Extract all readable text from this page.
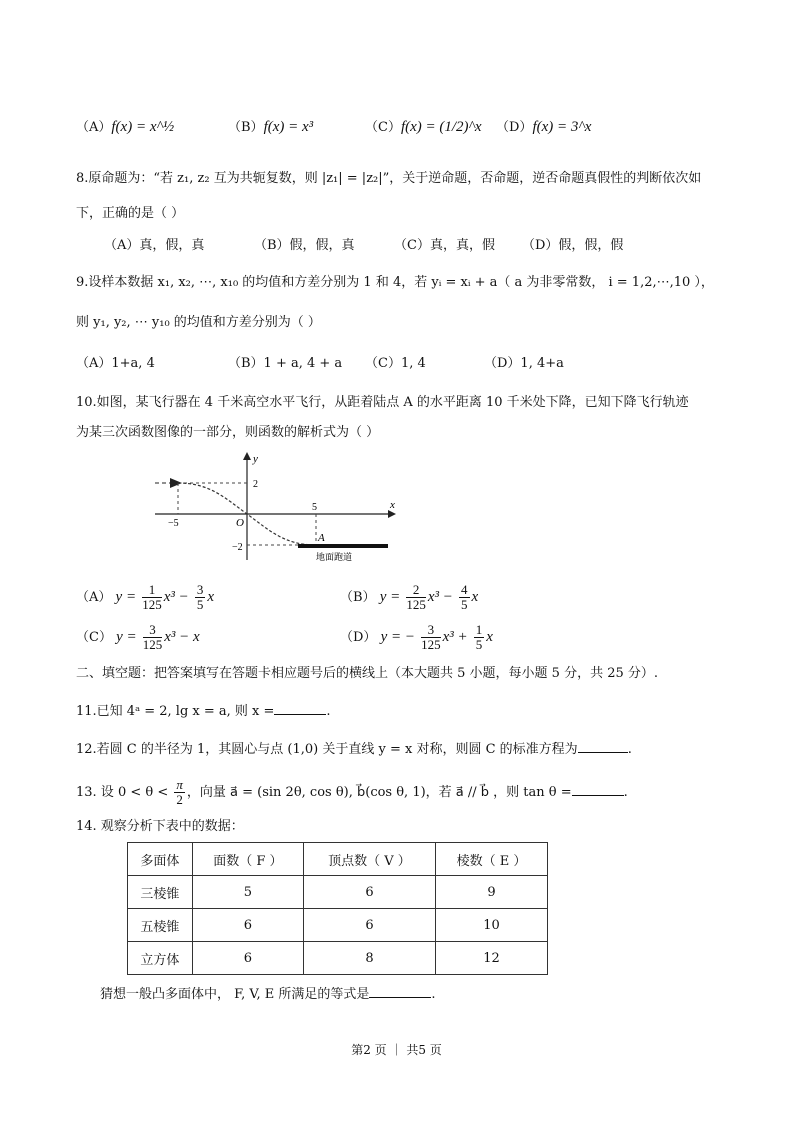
（A）f(x) = x^½	（B）f(x) = x³	（C）f(x) = (1/2)^x （D）f(x) = 3^x
8.原命题为：“若 z₁, z₂ 互为共轭复数，则 |z₁| = |z₂|”，关于逆命题，否命题，逆否命题真假性的判断依次如
下，正确的是（ ）
（A）真，假，真	（B）假，假，真	（C）真，真，假 （D）假，假，假
9.设样本数据 x₁, x₂, ⋯, x₁₀ 的均值和方差分别为 1 和 4，若 yᵢ = xᵢ + a（ a 为非零常数， i = 1,2,⋯,10 ），
则 y₁, y₂, ⋯ y₁₀ 的均值和方差分别为（ ）
（A）1+a, 4	（B）1 + a, 4 + a （C）1, 4	（D）1, 4+a
10.如图，某飞行器在 4 千米高空水平飞行，从距着陆点 A 的水平距离 10 千米处下降，已知下降飞行轨迹
为某三次函数图像的一部分，则函数的解析式为（ ）
y
x
O
2
−2
−5
5
A
地面跑道
（A） $y = \frac{1}{125} x^3 - \frac{3}{5}$ x	（B） $y = \frac{2}{125} x^3 - \frac{4}{5}$ x
（C） $y = \frac{3}{125} x^3 - x$	（D） y = − $\frac{3}{125} x^3 + \frac{1}{5}$ x
二、填空题：把答案填写在答题卡相应题号后的横线上（本大题共 5 小题，每小题 5 分，共 25 分）.
11.已知 4ᵃ = 2, lg x = a, 则 x =	.
12.若圆 C 的半径为 1，其圆心与点 (1,0) 关于直线 y = x 对称，则圆 C 的标准方程为	.
13. 设 $0 < \theta < \frac{\pi}{2}$ ，向量 a⃗ = (sin 2θ, cos θ), b⃗(cos θ, 1)，若 a⃗ // b⃗ ，则 tan θ =	.
14. 观察分析下表中的数据：
多面体	面数（ F ）	顶点数（ V ）	棱数（ E ）
三棱锥	5	6	9
五棱锥	6	6	10
立方体	6	8	12
猜想一般凸多面体中， F, V, E 所满足的等式是	.
第2 页 ｜ 共5 页
